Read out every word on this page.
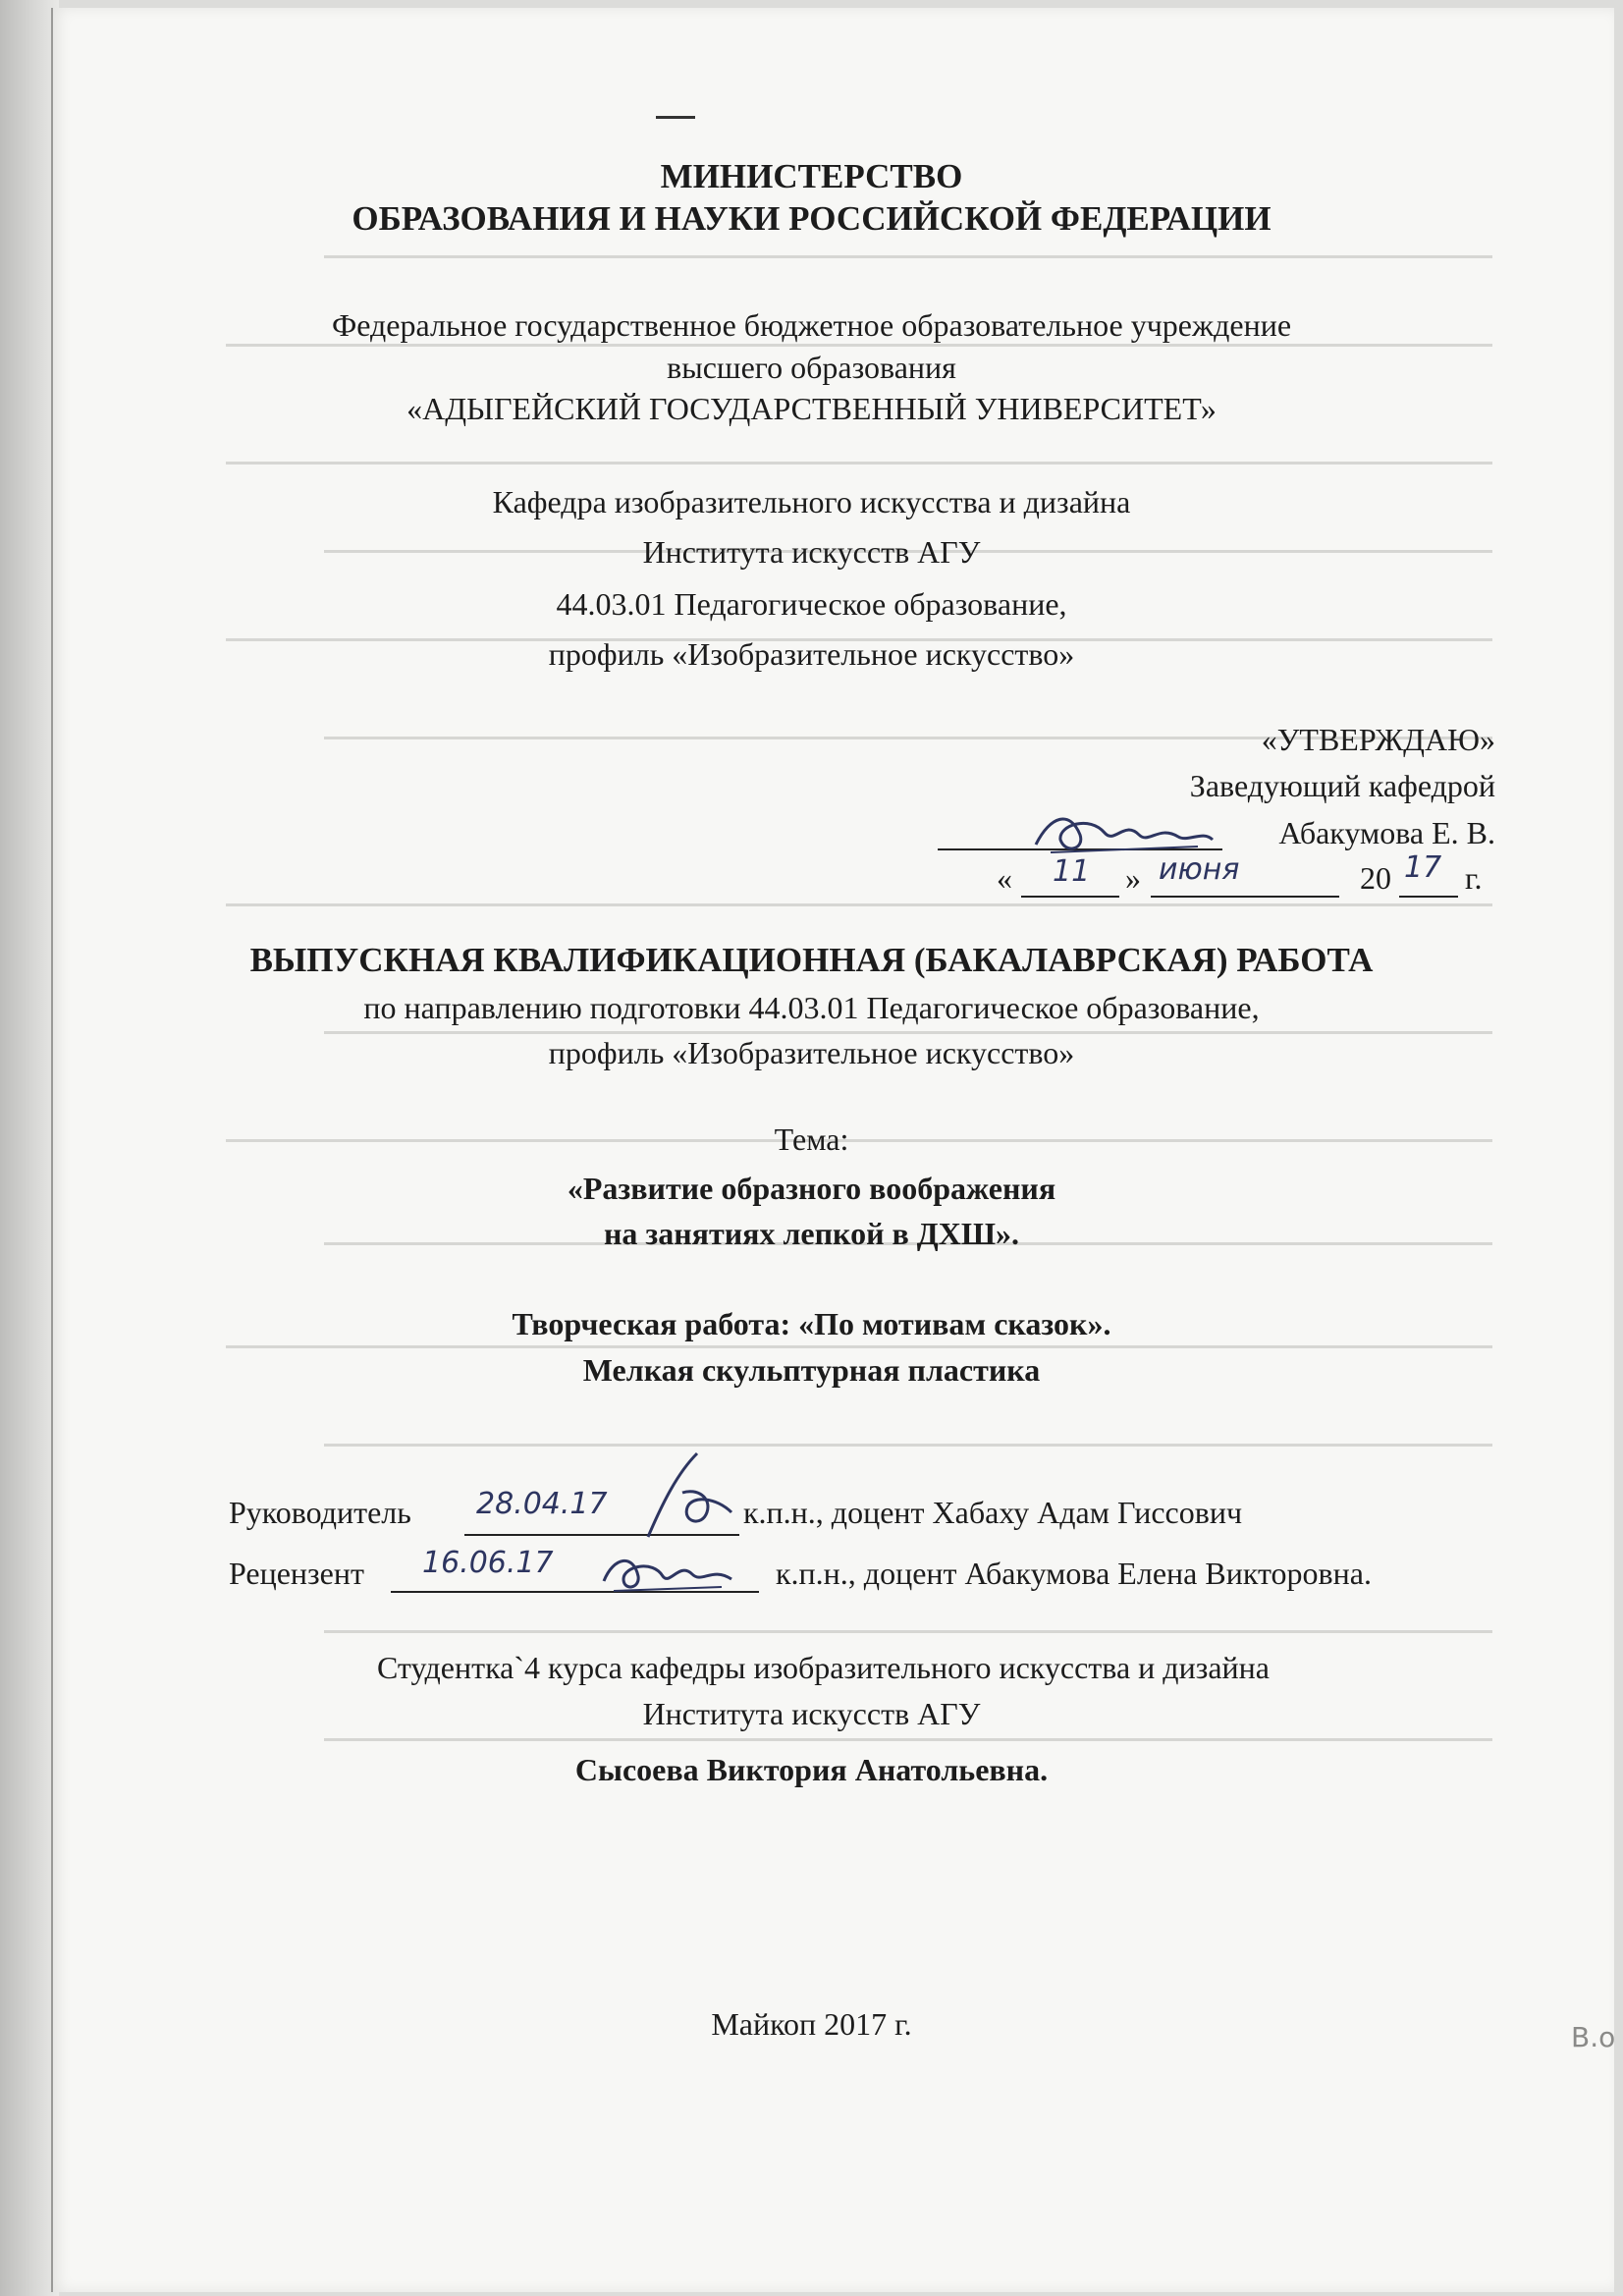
МИНИСТЕРСТВО
ОБРАЗОВАНИЯ И НАУКИ РОССИЙСКОЙ ФЕДЕРАЦИИ
Федеральное государственное бюджетное образовательное учреждение
высшего образования
«АДЫГЕЙСКИЙ ГОСУДАРСТВЕННЫЙ УНИВЕРСИТЕТ»
Кафедра изобразительного искусства и дизайна
Института искусств АГУ
44.03.01 Педагогическое образование,
профиль «Изобразительное искусство»
«УТВЕРЖДАЮ»
Заведующий кафедрой
Абакумова Е. В.
« 11 » июня	20 17 г.
ВЫПУСКНАЯ КВАЛИФИКАЦИОННАЯ (БАКАЛАВРСКАЯ) РАБОТА
по направлению подготовки 44.03.01 Педагогическое образование,
профиль «Изобразительное искусство»
Тема:
«Развитие образного воображения
на занятиях лепкой в ДХШ».
Творческая работа: «По мотивам сказок».
Мелкая скульптурная пластика
Руководитель 28.04.17	к.п.н., доцент Хабаху Адам Гиссович
Рецензент 16.06.17	к.п.н., доцент Абакумова Елена Викторовна.
Студентка`4 курса кафедры изобразительного искусства и дизайна
Института искусств АГУ
Сысоева Виктория Анатольевна.
Майкоп 2017 г.	В.о
